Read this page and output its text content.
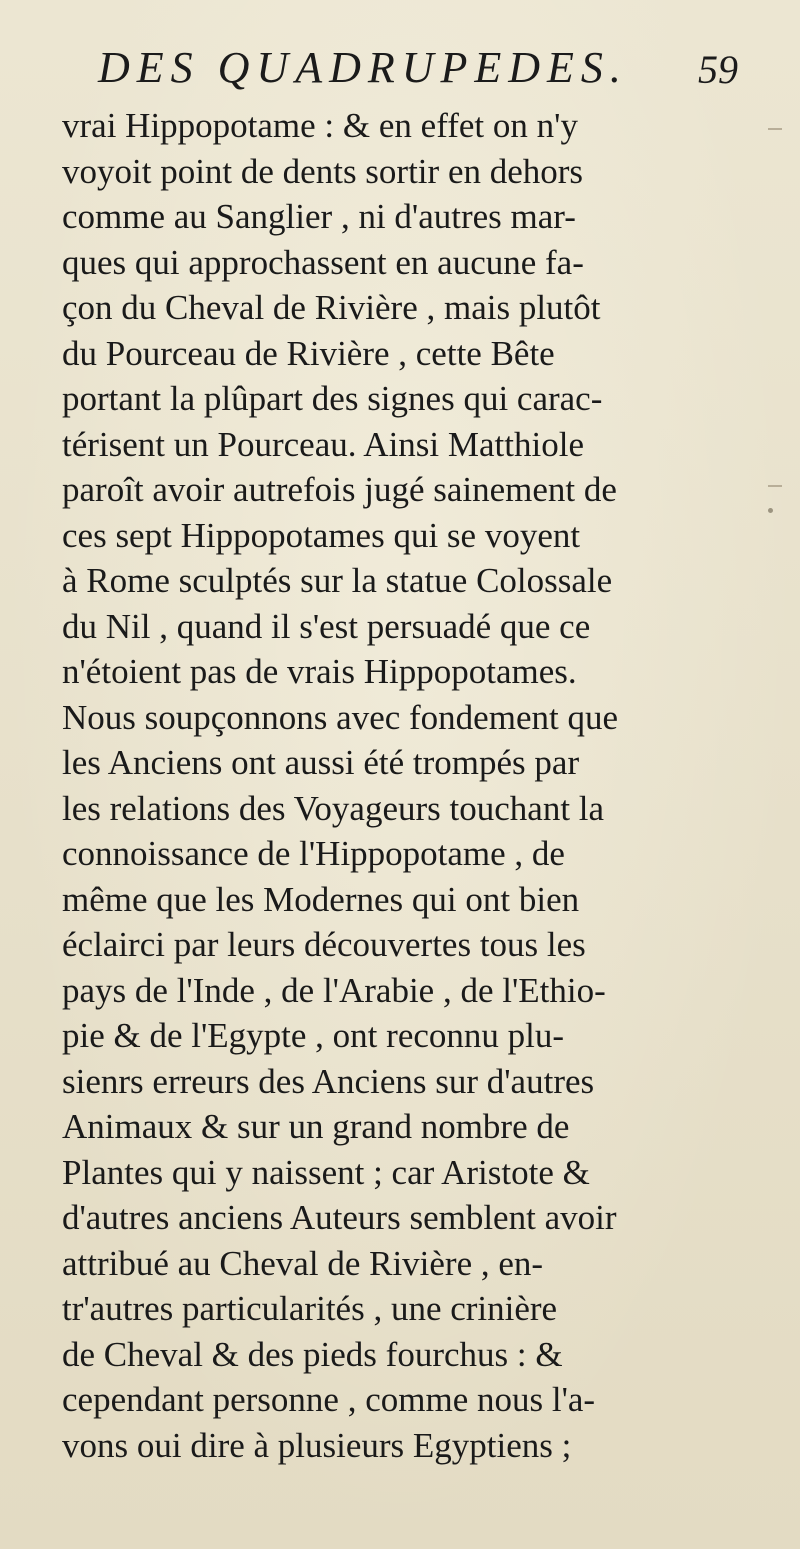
DES QUADRUPEDES. 59
vrai Hippopotame : & en effet on n'y
voyoit point de dents sortir en dehors
comme au Sanglier , ni d'autres mar-
ques qui approchassent en aucune fa-
çon du Cheval de Rivière , mais plutôt
du Pourceau de Rivière , cette Bête
portant la plûpart des signes qui carac-
térisent un Pourceau. Ainsi Matthiole
paroît avoir autrefois jugé sainement de
ces sept Hippopotames qui se voyent
à Rome sculptés sur la statue Colossale
du Nil , quand il s'est persuadé que ce
n'étoient pas de vrais Hippopotames.
Nous soupçonnons avec fondement que
les Anciens ont aussi été trompés par
les relations des Voyageurs touchant la
connoissance de l'Hippopotame , de
même que les Modernes qui ont bien
éclairci par leurs découvertes tous les
pays de l'Inde , de l'Arabie , de l'Ethio-
pie & de l'Egypte , ont reconnu plu-
sienrs erreurs des Anciens sur d'autres
Animaux & sur un grand nombre de
Plantes qui y naissent ; car Aristote &
d'autres anciens Auteurs semblent avoir
attribué au Cheval de Rivière , en-
tr'autres particularités , une crinière
de Cheval & des pieds fourchus : &
cependant personne , comme nous l'a-
vons oui dire à plusieurs Egyptiens ;
